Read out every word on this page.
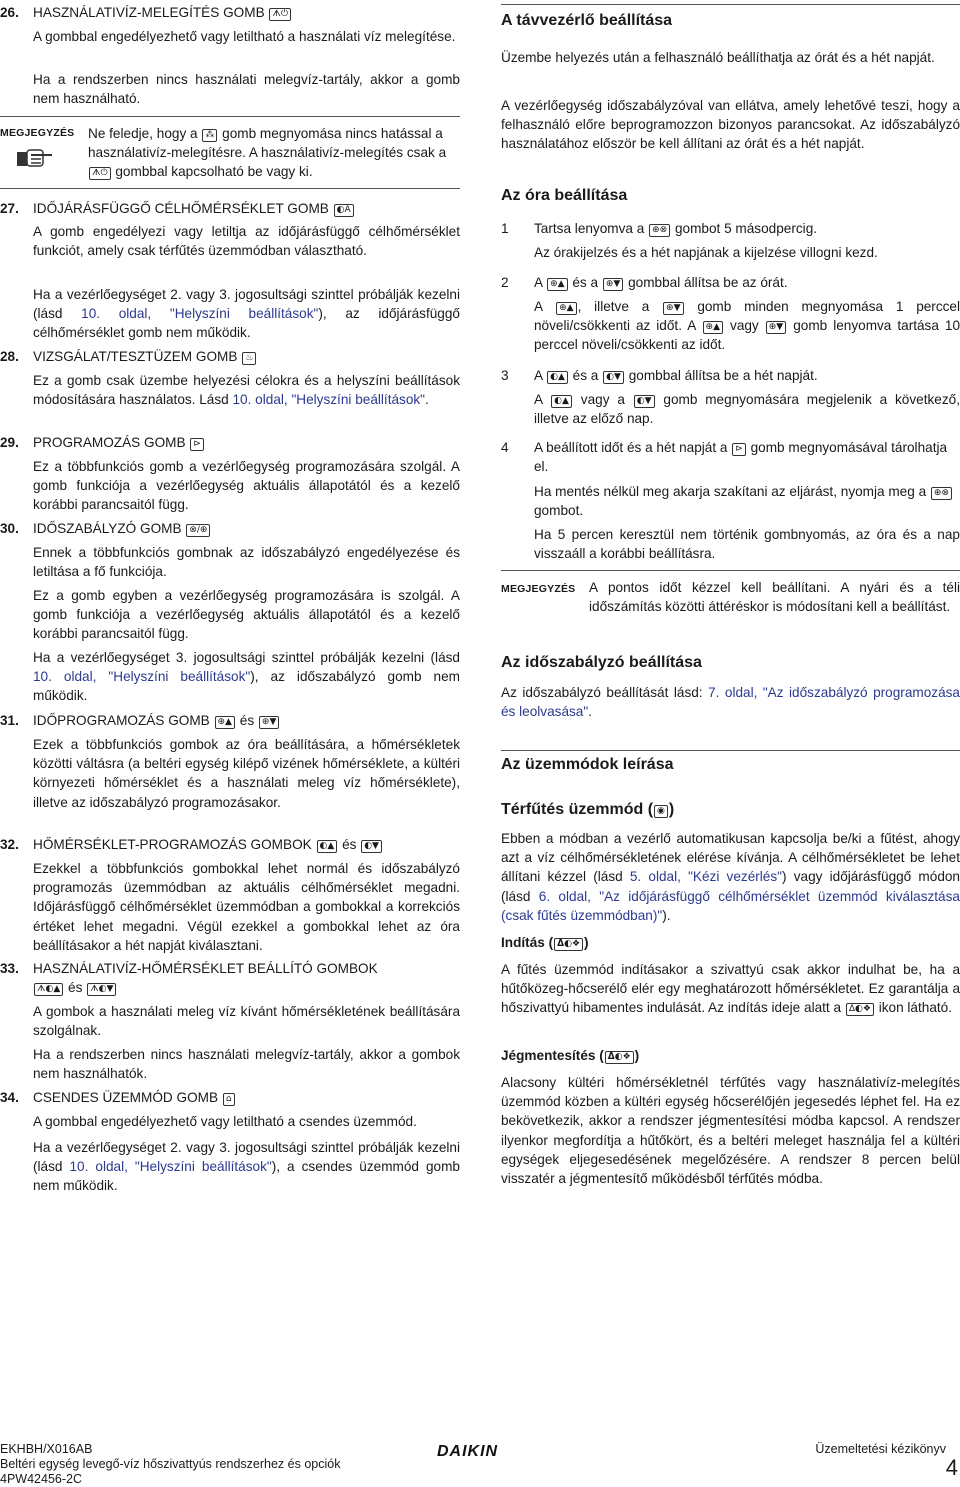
26. HASZNÁLATIVÍZ-MELEGÍTÉS GOMB ᗑ⏻

A gombbal engedélyezhető vagy letiltható a használati víz melegítése.

Ha a rendszerben nincs használati melegvíz-tartály, akkor a gomb nem használható.

MEGJEGYZÉS Ne feledje, hogy a ⁂ gomb megnyomása nincs hatással a használativíz-melegítésre. A használativíz-melegítés csak a ᗑ⏻ gombbal kapcsolható be vagy ki.

27. IDŐJÁRÁSFÜGGŐ CÉLHŐMÉRSÉKLET GOMB ◐A

A gomb engedélyezi vagy letiltja az időjárásfüggő célhőmérséklet funkciót, amely csak térfűtés üzemmódban választható.

Ha a vezérlőegységet 2. vagy 3. jogosultsági szinttel próbálják kezelni (lásd 10. oldal, "Helyszíni beállítások"), az időjárásfüggő célhőmérséklet gomb nem működik.

28. VIZSGÁLAT/TESZTÜZEM GOMB ♨

Ez a gomb csak üzembe helyezési célokra és a helyszíni beállítások módosítására használatos. Lásd 10. oldal, "Helyszíni beállítások".

29. PROGRAMOZÁS GOMB ⊳

Ez a többfunkciós gomb a vezérlőegység programozására szolgál. A gomb funkciója a vezérlőegység aktuális állapotától és a kezelő korábbi parancsaitól függ.

30. IDŐSZABÁLYZÓ GOMB ⊗/⊕

Ennek a többfunkciós gombnak az időszabályzó engedélyezése és letiltása a fő funkciója.

Ez a gomb egyben a vezérlőegység programozására is szolgál. A gomb funkciója a vezérlőegység aktuális állapotától és a kezelő korábbi parancsaitól függ.

Ha a vezérlőegységet 3. jogosultsági szinttel próbálják kezelni (lásd 10. oldal, "Helyszíni beállítások"), az időszabályzó gomb nem működik.

31. IDŐPROGRAMOZÁS GOMB ⊕▲ és ⊕▼

Ezek a többfunkciós gombok az óra beállítására, a hőmérsékletek közötti váltásra (a beltéri egység kilépő vizének hőmérséklete, a kültéri környezeti hőmérséklet és a használati meleg víz hőmérséklete), illetve az időszabályzó programozásakor.

32. HŐMÉRSÉKLET-PROGRAMOZÁS GOMBOK ◐▲ és ◐▼

Ezekkel a többfunkciós gombokkal lehet normál és időszabályzó programozás üzemmódban az aktuális célhőmérséklet megadni. Időjárásfüggő célhőmérséklet üzemmódban a gombokkal a korrekciós értéket lehet megadni. Végül ezekkel a gombokkal lehet az óra beállításakor a hét napját kiválasztani.

33. HASZNÁLATIVÍZ-HŐMÉRSÉKLET BEÁLLÍTÓ GOMBOK
ᗑ◐▲ és ᗑ◐▼

A gombok a használati meleg víz kívánt hőmérsékletének beállítására szolgálnak.

Ha a rendszerben nincs használati melegvíz-tartály, akkor a gombok nem használhatók.

34. CSENDES ÜZEMMÓD GOMB ⌂

A gombbal engedélyezhető vagy letiltható a csendes üzemmód.

Ha a vezérlőegységet 2. vagy 3. jogosultsági szinttel próbálják kezelni (lásd 10. oldal, "Helyszíni beállítások"), a csendes üzemmód gomb nem működik.

A távvezérlő beállítása

Üzembe helyezés után a felhasználó beállíthatja az órát és a hét napját.

A vezérlőegység időszabályzóval van ellátva, amely lehetővé teszi, hogy a felhasználó előre beprogramozzon bizonyos parancsokat. Az időszabályzó használatához először be kell állítani az órát és a hét napját.

Az óra beállítása
1 Tartsa lenyomva a ⊕⊗ gombot 5 másodpercig.

Az órakijelzés és a hét napjának a kijelzése villogni kezd.

2 A ⊕▲ és a ⊕▼ gombbal állítsa be az órát.

A ⊕▲ , illetve a ⊕▼ gomb minden megnyomása 1 perccel növeli/csökkenti az időt. A ⊕▲ vagy ⊕▼ gomb lenyomva tartása 10 perccel növeli/csökkenti az időt.

3 A ◐▲ és a ◐▼ gombbal állítsa be a hét napját.

A ◐▲ vagy a ◐▼ gomb megnyomására megjelenik a következő, illetve az előző nap.

4 A beállított időt és a hét napját a ⊳ gomb megnyomásával tárolhatja el.

Ha mentés nélkül meg akarja szakítani az eljárást, nyomja meg a ⊕⊗ gombot.

Ha 5 percen keresztül nem történik gombnyomás, az óra és a nap visszaáll a korábbi beállításra.

MEGJEGYZÉS A pontos időt kézzel kell beállítani. A nyári és a téli időszámítás közötti áttéréskor is módosítani kell a beállítást.

Az időszabályzó beállítása

Az időszabályzó beállítását lásd: 7. oldal, "Az időszabályzó programozása és leolvasása".

Az üzemmódok leírása
Térfűtés üzemmód ( ◉ )

Ebben a módban a vezérlő automatikusan kapcsolja be/ki a fűtést, ahogy azt a víz célhőmérsékletének elérése kívánja. A célhőmérsékletet be lehet állítani kézzel (lásd 5. oldal, "Kézi vezérlés") vagy időjárásfüggő módon (lásd 6. oldal, "Az időjárásfüggő célhőmérséklet üzemmód kiválasztása (csak fűtés üzemmódban)").

Indítás ( ᐃ◐❖ )

A fűtés üzemmód indításakor a szivattyú csak akkor indulhat be, ha a hűtőközeg-hőcserélő elér egy meghatározott hőmérsékletet. Ez garantálja a hőszivattyú hibamentes indulását. Az indítás ideje alatt a ᐃ◐❖ ikon látható.

Jégmentesítés ( ᐃ◐❖ )

Alacsony kültéri hőmérsékletnél térfűtés vagy használativíz-melegítés üzemmód közben a kültéri egység hőcserélőjén jegesedés léphet fel. Ha ez bekövetkezik, akkor a rendszer jégmentesítési módba kapcsol. A rendszer ilyenkor megfordítja a hűtőkört, és a beltéri meleget használja fel a kültéri egységek eljegesedésének megelőzésére. A rendszer 8 percen belül visszatér a jégmentesítő működésből térfűtés módba.

EKHBH/X016AB
Beltéri egység levegő-víz hőszivattyús rendszerhez és opciók
4PW42456-2C
DAIKIN	Üzemeltetési kézikönyv
4
